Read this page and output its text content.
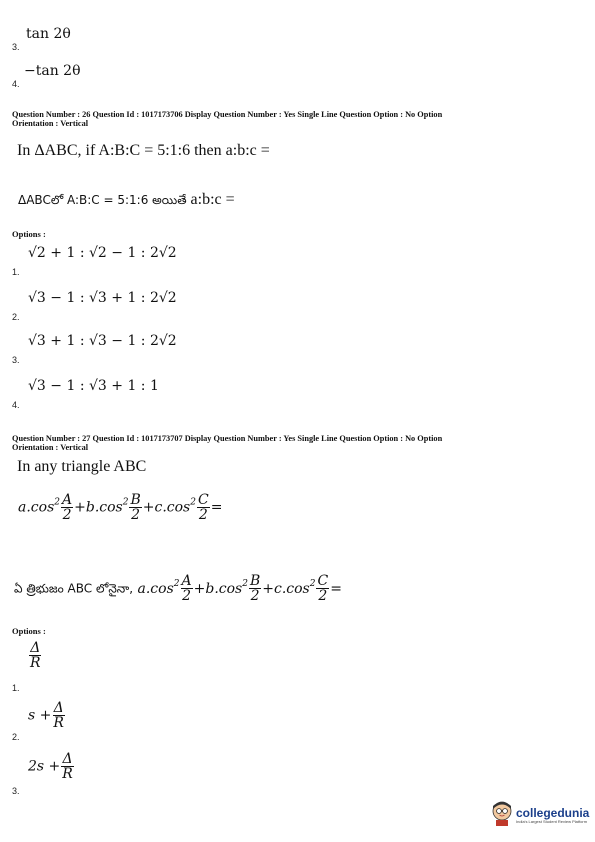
tan 2θ
3.
−tan 2θ
4.
Question Number : 26 Question Id : 1017173706 Display Question Number : Yes Single Line Question Option : No Option
Orientation : Vertical
In ΔABC, if A:B:C = 5:1:6 then a:b:c =
ΔABCలో A:B:C = 5:1:6 అయితే a:b:c =
Options :
√2 + 1 : √2 − 1 : 2√2
1.
√3 − 1 : √3 + 1 : 2√2
2.
√3 + 1 : √3 − 1 : 2√2
3.
√3 − 1 : √3 + 1 : 1
4.
Question Number : 27 Question Id : 1017173707 Display Question Number : Yes Single Line Question Option : No Option
Orientation : Vertical
In any triangle ABC
$a.\cos^2 \frac{A}{2} +b.\cos^2 \frac{B}{2} +c.\cos^2 \frac{C}{2}$ =
ఏ త్రిభుజం ABC లోనైనా, $a.\cos^2 \frac{A}{2} +b.\cos^2 \frac{B}{2} +c.\cos^2 \frac{C}{2}$ =
Options :
$\frac{\Delta}{R}$
1.
$s + \frac{\Delta}{R}$
2.
$2s + \frac{\Delta}{R}$
3.
collegedunia
India's Largest Student Review Platform
